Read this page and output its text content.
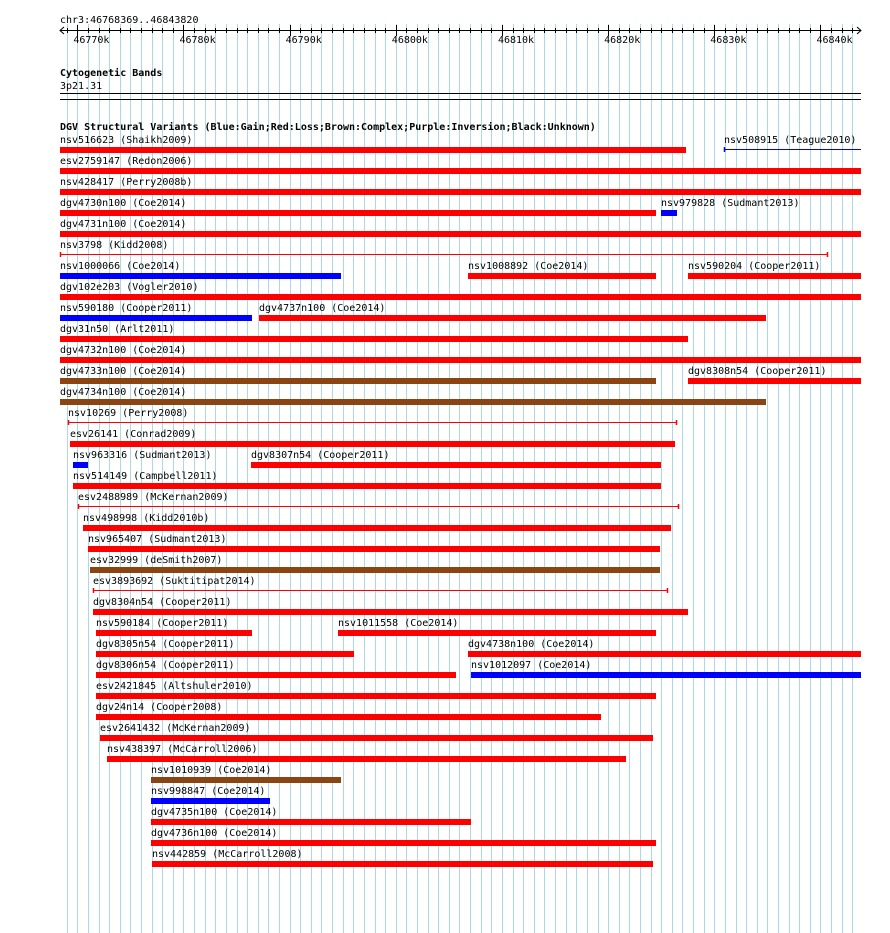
chr3:46768369..46843820
Cytogenetic Bands
3p21.31
DGV Structural Variants (Blue:Gain;Red:Loss;Brown:Complex;Purple:Inversion;Black:Unknown)
46770k	46780k	46790k	46800k	46810k	46820k	46830k	46840k
nsv516623 (Shaikh2009)	nsv508915 (Teague2010)
esv2759147 (Redon2006)
nsv428417 (Perry2008b)
dgv4730n100 (Coe2014)	nsv979828 (Sudmant2013)
dgv4731n100 (Coe2014)
nsv3798 (Kidd2008)
nsv1000066 (Coe2014)	nsv1008892 (Coe2014)	nsv590204 (Cooper2011)
dgv102e203 (Vogler2010)
nsv590180 (Cooper2011)	dgv4737n100 (Coe2014)
dgv31n50 (Arlt2011)
dgv4732n100 (Coe2014)
dgv4733n100 (Coe2014)	dgv8308n54 (Cooper2011)
dgv4734n100 (Coe2014)
nsv10269 (Perry2008)
esv26141 (Conrad2009)
nsv963316 (Sudmant2013)	dgv8307n54 (Cooper2011)
nsv514149 (Campbell2011)
esv2488989 (McKernan2009)
nsv498998 (Kidd2010b)
nsv965407 (Sudmant2013)
esv32999 (deSmith2007)
esv3893692 (Suktitipat2014)
dgv8304n54 (Cooper2011)
nsv590184 (Cooper2011)	nsv1011558 (Coe2014)
dgv8305n54 (Cooper2011)	dgv4738n100 (Coe2014)
dgv8306n54 (Cooper2011)	nsv1012097 (Coe2014)
esv2421845 (Altshuler2010)
dgv24n14 (Cooper2008)
esv2641432 (McKernan2009)
nsv438397 (McCarroll2006)
nsv1010939 (Coe2014)
nsv998847 (Coe2014)
dgv4735n100 (Coe2014)
dgv4736n100 (Coe2014)
nsv442859 (McCarroll2008)
